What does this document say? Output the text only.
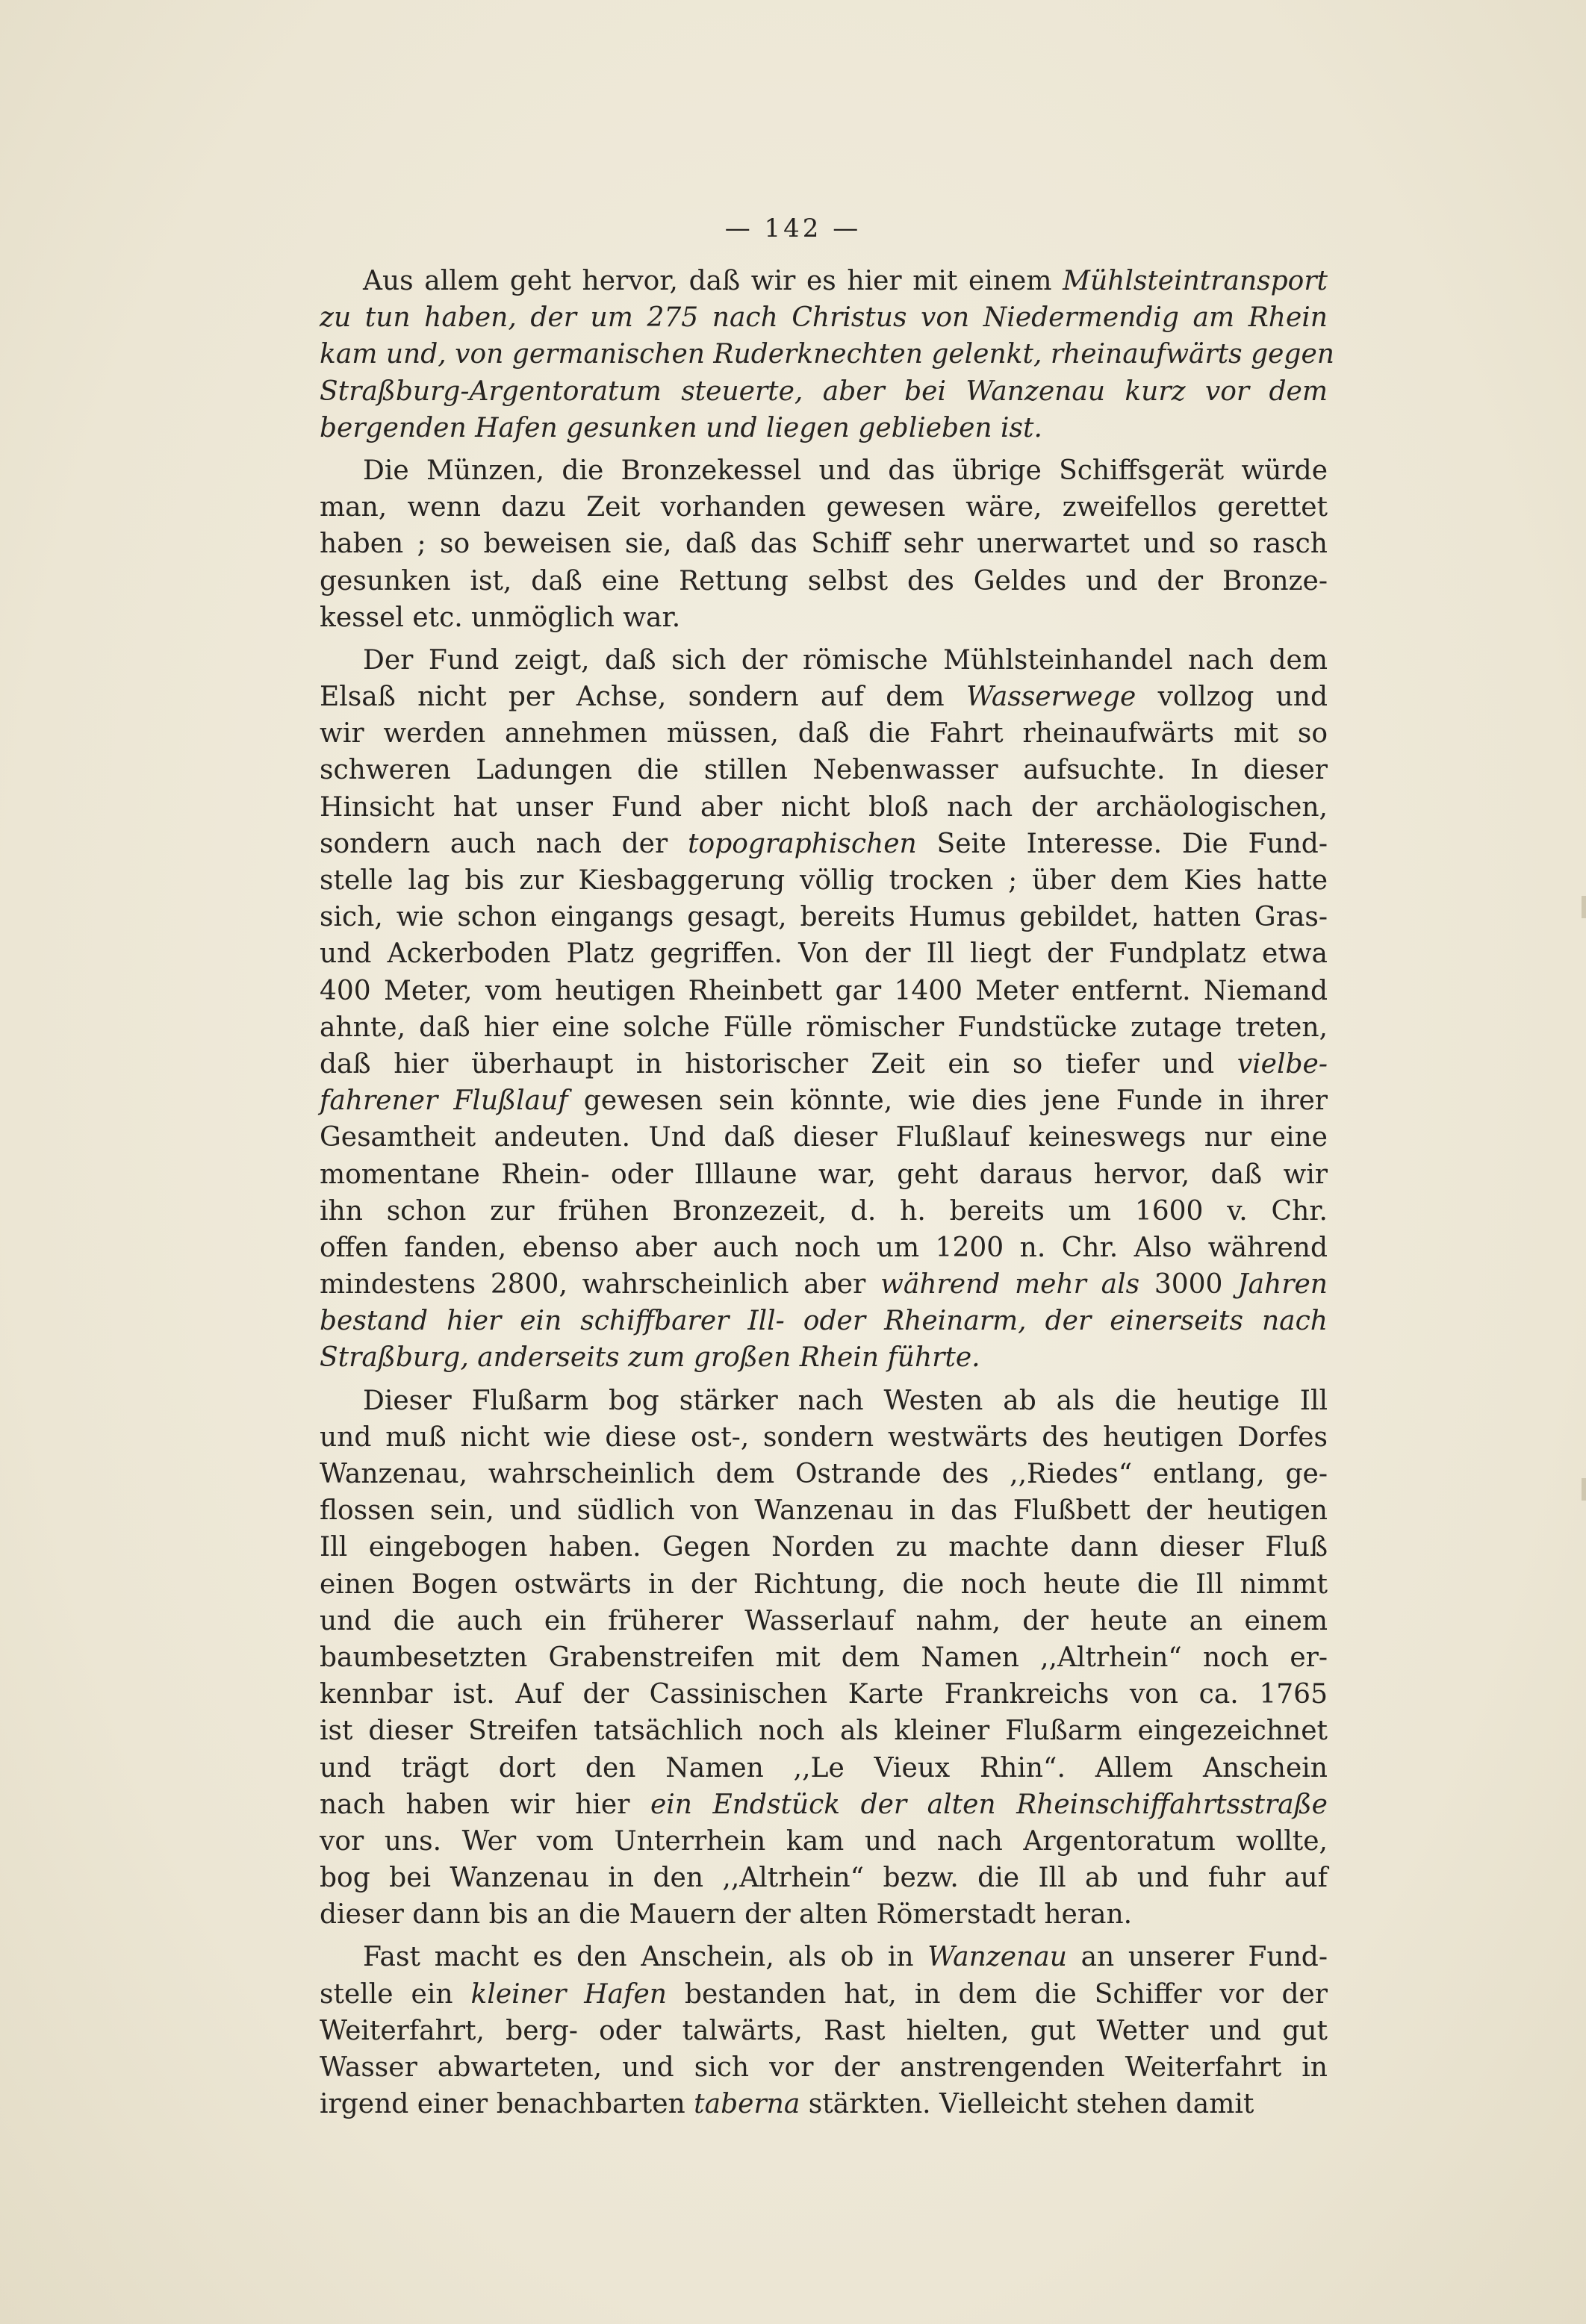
— 142 —
Aus allem geht hervor, daß wir es hier mit einem Mühlsteintransport
zu tun haben, der um 275 nach Christus von Niedermendig am Rhein
kam und, von germanischen Ruderknechten gelenkt, rheinaufwärts gegen
Straßburg-Argentoratum steuerte, aber bei Wanzenau kurz vor dem
bergenden Hafen gesunken und liegen geblieben ist.
Die Münzen, die Bronzekessel und das übrige Schiffsgerät würde
man, wenn dazu Zeit vorhanden gewesen wäre, zweifellos gerettet
haben ; so beweisen sie, daß das Schiff sehr unerwartet und so rasch
gesunken ist, daß eine Rettung selbst des Geldes und der Bronze-
kessel etc. unmöglich war.
Der Fund zeigt, daß sich der römische Mühlsteinhandel nach dem
Elsaß nicht per Achse, sondern auf dem Wasserwege vollzog und
wir werden annehmen müssen, daß die Fahrt rheinaufwärts mit so
schweren Ladungen die stillen Nebenwasser aufsuchte. In dieser
Hinsicht hat unser Fund aber nicht bloß nach der archäologischen,
sondern auch nach der topographischen Seite Interesse. Die Fund-
stelle lag bis zur Kiesbaggerung völlig trocken ; über dem Kies hatte
sich, wie schon eingangs gesagt, bereits Humus gebildet, hatten Gras-
und Ackerboden Platz gegriffen. Von der Ill liegt der Fundplatz etwa
400 Meter, vom heutigen Rheinbett gar 1400 Meter entfernt. Niemand
ahnte, daß hier eine solche Fülle römischer Fundstücke zutage treten,
daß hier überhaupt in historischer Zeit ein so tiefer und vielbe-
fahrener Flußlauf gewesen sein könnte, wie dies jene Funde in ihrer
Gesamtheit andeuten. Und daß dieser Flußlauf keineswegs nur eine
momentane Rhein- oder Illlaune war, geht daraus hervor, daß wir
ihn schon zur frühen Bronzezeit, d. h. bereits um 1600 v. Chr.
offen fanden, ebenso aber auch noch um 1200 n. Chr. Also während
mindestens 2800, wahrscheinlich aber während mehr als 3000 Jahren
bestand hier ein schiffbarer Ill- oder Rheinarm, der einerseits nach
Straßburg, anderseits zum großen Rhein führte.
Dieser Flußarm bog stärker nach Westen ab als die heutige Ill
und muß nicht wie diese ost-, sondern westwärts des heutigen Dorfes
Wanzenau, wahrscheinlich dem Ostrande des ,,Riedes“ entlang, ge-
flossen sein, und südlich von Wanzenau in das Flußbett der heutigen
Ill eingebogen haben. Gegen Norden zu machte dann dieser Fluß
einen Bogen ostwärts in der Richtung, die noch heute die Ill nimmt
und die auch ein früherer Wasserlauf nahm, der heute an einem
baumbesetzten Grabenstreifen mit dem Namen ,,Altrhein“ noch er-
kennbar ist. Auf der Cassinischen Karte Frankreichs von ca. 1765
ist dieser Streifen tatsächlich noch als kleiner Flußarm eingezeichnet
und trägt dort den Namen ,,Le Vieux Rhin“. Allem Anschein
nach haben wir hier ein Endstück der alten Rheinschiffahrtsstraße
vor uns. Wer vom Unterrhein kam und nach Argentoratum wollte,
bog bei Wanzenau in den ,,Altrhein“ bezw. die Ill ab und fuhr auf
dieser dann bis an die Mauern der alten Römerstadt heran.
Fast macht es den Anschein, als ob in Wanzenau an unserer Fund-
stelle ein kleiner Hafen bestanden hat, in dem die Schiffer vor der
Weiterfahrt, berg- oder talwärts, Rast hielten, gut Wetter und gut
Wasser abwarteten, und sich vor der anstrengenden Weiterfahrt in
irgend einer benachbarten taberna stärkten. Vielleicht stehen damit
